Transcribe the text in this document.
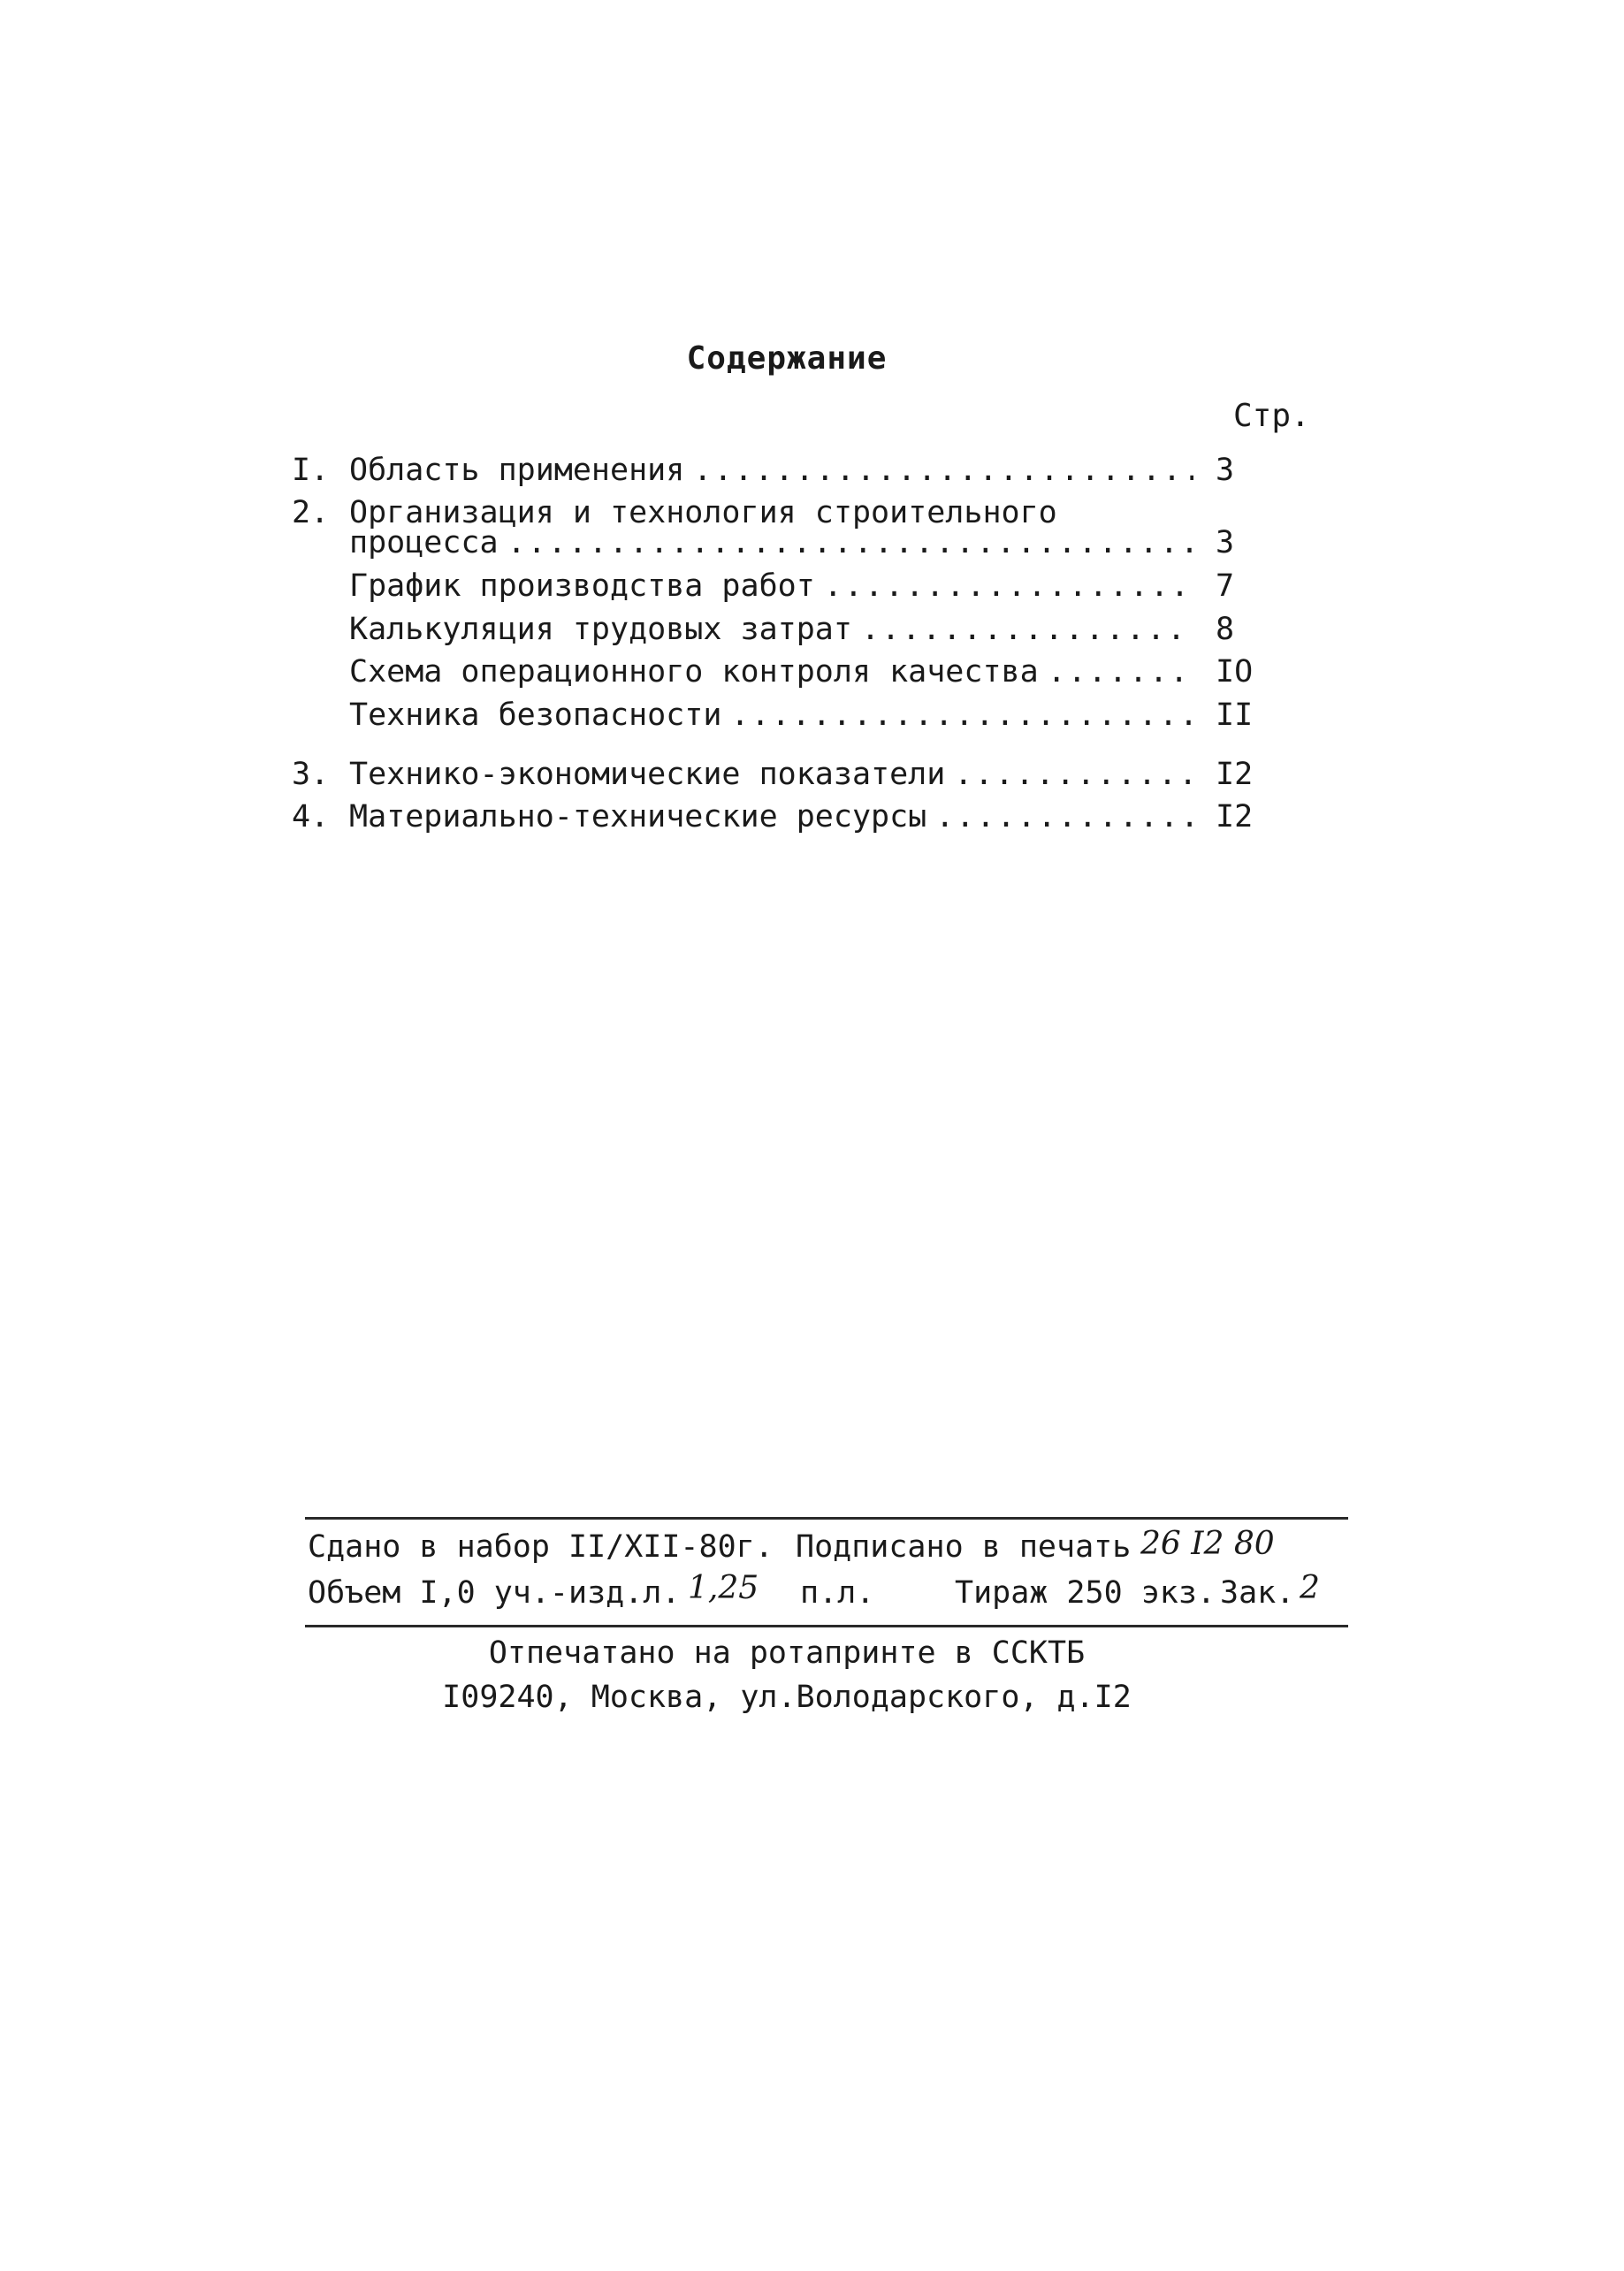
Содержание
Стр.
I. Область применения .....	3
2. Организация и технология строительного
процесса .....	3
График производства работ .....	7
Калькуляция трудовых затрат .....	8
Схема операционного контроля качества .....	IO
Техника безопасности .....	II
3. Технико-экономические показатели .....	I2
4. Материально-технические ресурсы .....	I2
Сдано в набор II/XII-80г. Подписано в печать 26 I2 80
Объем I,0 уч.-изд.л. 1,25 п.л.	Тираж 250 экз. Зак. 2
Отпечатано на ротапринте в ССКТБ
I09240, Москва, ул.Володарского, д.I2
